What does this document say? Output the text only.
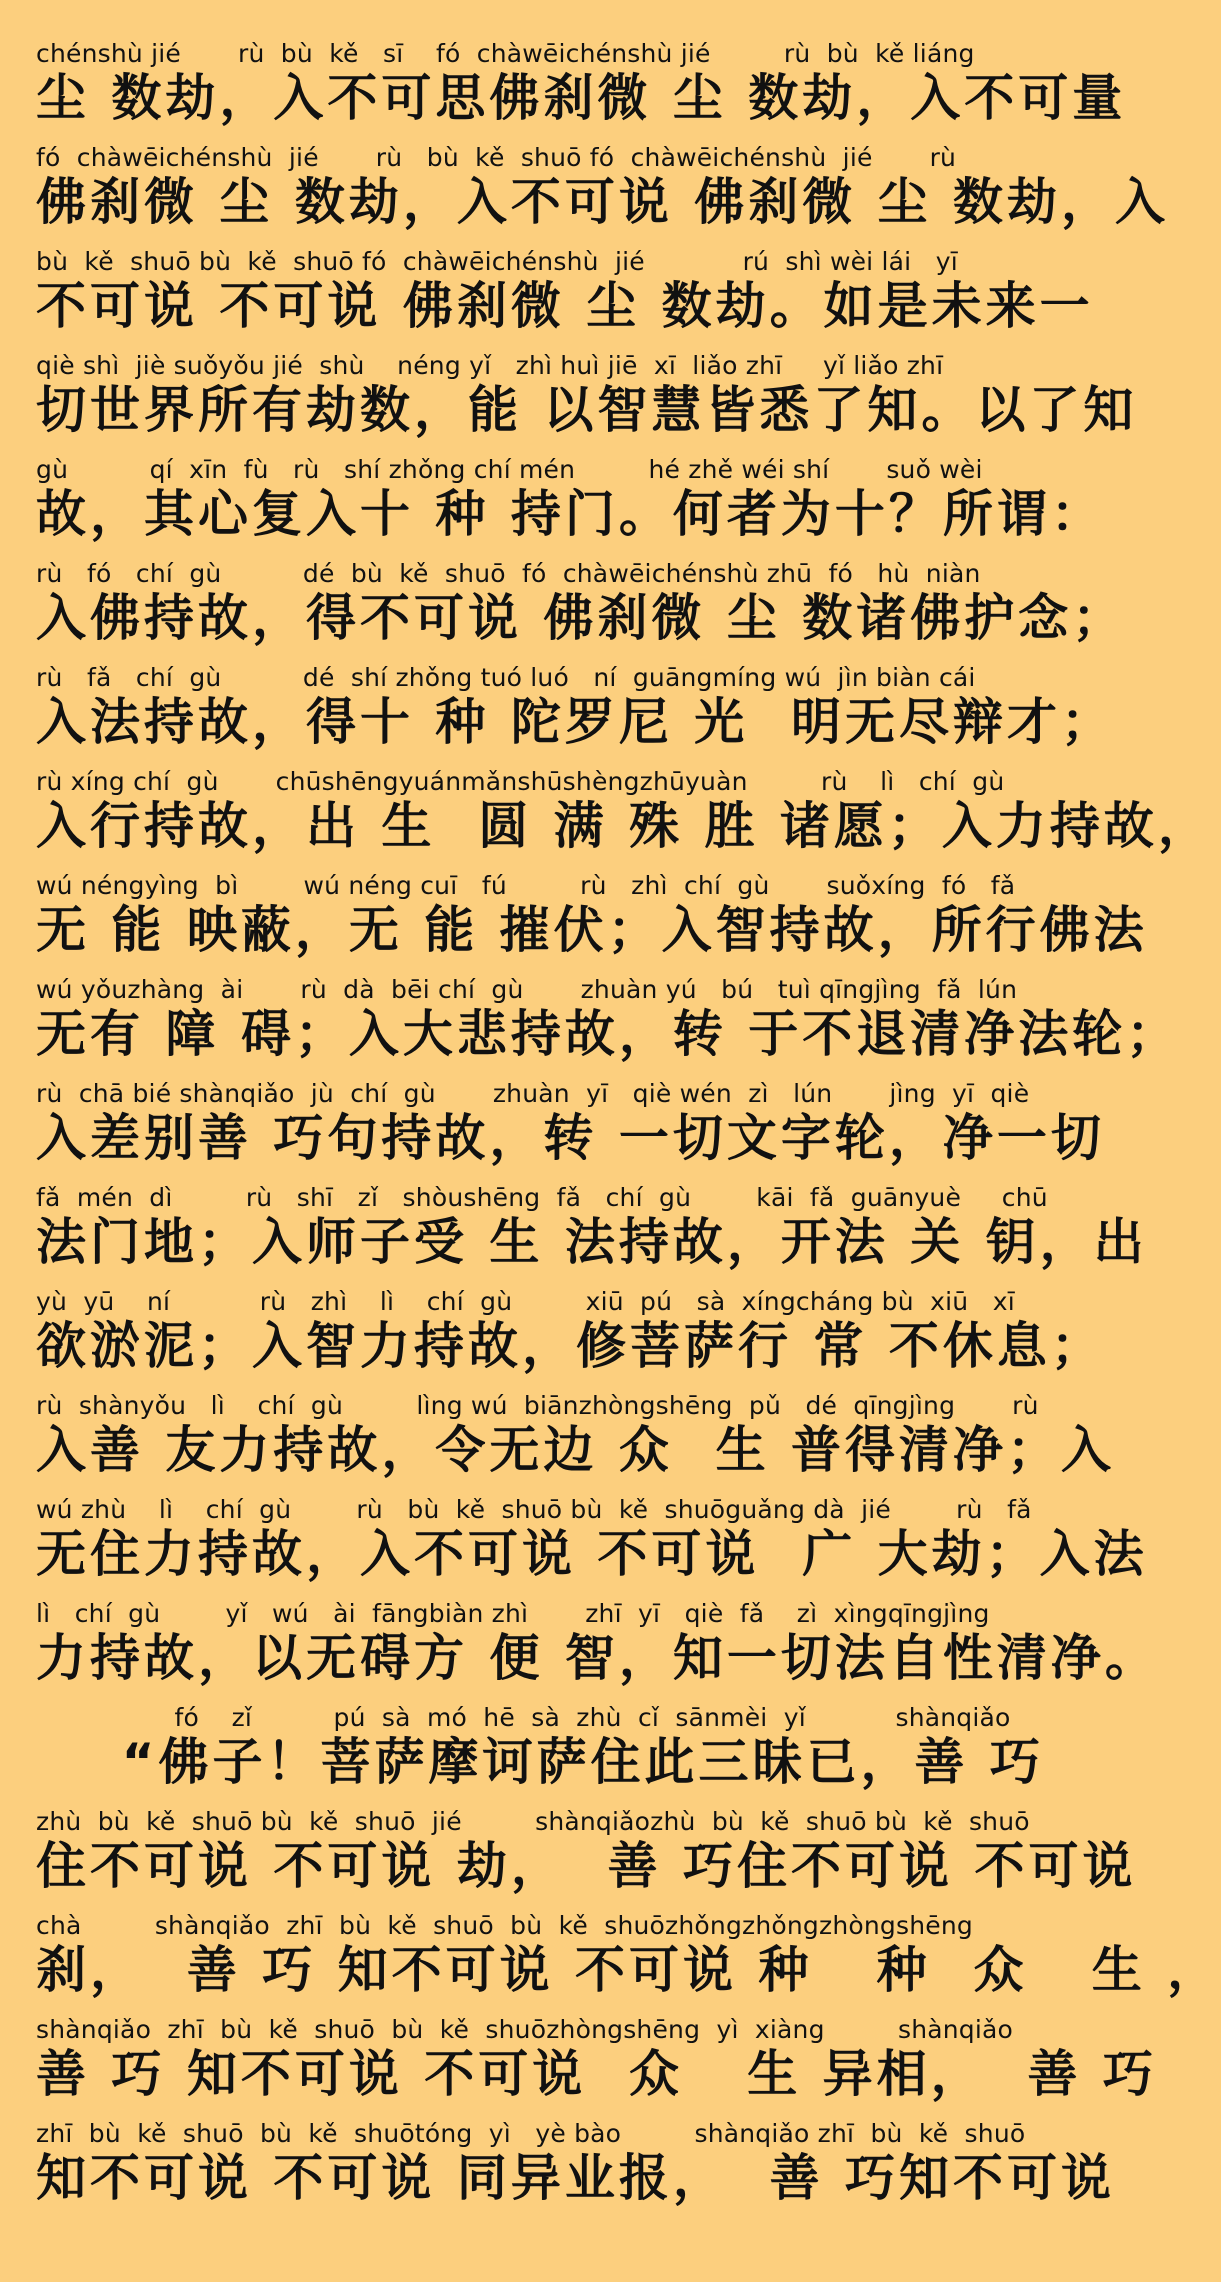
chénshù jié       rù  bù  kě   sī    fó  chàwēichénshù jié         rù  bù  kě liáng
尘 数劫，入不可思佛刹微 尘 数劫，入不可量
fó  chàwēichénshù  jié       rù   bù  kě  shuō fó  chàwēichénshù  jié       rù
佛刹微 尘 数劫，入不可说 佛刹微 尘 数劫，入
bù  kě  shuō bù  kě  shuō fó  chàwēichénshù  jié            rú  shì wèi lái   yī
不可说 不可说 佛刹微 尘 数劫。如是未来一
qiè shì  jiè suǒyǒu jié  shù    néng yǐ   zhì huì jiē  xī  liǎo zhī     yǐ liǎo zhī
切世界所有劫数，能 以智慧皆悉了知。以了知
gù          qí  xīn  fù   rù   shí zhǒng chí mén         hé zhě wéi shí       suǒ wèi
故，其心复入十 种 持门。何者为十？所谓：
rù   fó   chí  gù          dé  bù  kě  shuō  fó  chàwēichénshù zhū  fó   hù  niàn
入佛持故，得不可说 佛刹微 尘 数诸佛护念；
rù   fǎ   chí  gù          dé  shí zhǒng tuó luó   ní  guāngmíng wú  jìn biàn cái
入法持故，得十 种 陀罗尼 光  明无尽辩才；
rù xíng chí  gù       chūshēngyuánmǎnshūshèngzhūyuàn         rù    lì   chí  gù
入行持故，出 生  圆 满 殊 胜 诸愿；入力持故，
wú néngyìng  bì        wú néng cuī   fú         rù   zhì  chí  gù       suǒxíng  fó   fǎ
无 能 映蔽，无 能 摧伏；入智持故，所行佛法
wú yǒuzhàng  ài       rù  dà  bēi chí  gù       zhuàn yú   bú   tuì qīngjìng  fǎ  lún
无有 障 碍；入大悲持故，转 于不退清净法轮；
rù  chā bié shànqiǎo  jù  chí  gù       zhuàn  yī   qiè wén  zì   lún       jìng  yī  qiè
入差别善 巧句持故，转 一切文字轮，净一切
fǎ  mén  dì         rù   shī   zǐ   shòushēng  fǎ   chí  gù        kāi  fǎ  guānyuè     chū
法门地；入师子受 生 法持故，开法 关 钥，出
yù  yū    ní           rù   zhì    lì    chí  gù         xiū  pú   sà  xíngcháng bù  xiū   xī
欲淤泥；入智力持故，修菩萨行 常 不休息；
rù  shànyǒu   lì    chí  gù         lìng wú  biānzhòngshēng  pǔ   dé  qīngjìng       rù
入善 友力持故，令无边 众  生 普得清净；入
wú zhù    lì    chí  gù        rù   bù  kě  shuō bù  kě  shuōguǎng dà  jié        rù   fǎ
无住力持故，入不可说 不可说  广 大劫；入法
lì   chí  gù        yǐ   wú   ài  fāngbiàn zhì       zhī  yī   qiè  fǎ    zì  xìngqīngjìng
力持故，以无碍方 便 智，知一切法自性清净。
fó    zǐ          pú  sà  mó  hē  sà  zhù  cǐ  sānmèi  yǐ           shànqiǎo
“佛子！菩萨摩诃萨住此三昧已，善 巧
zhù  bù  kě  shuō bù  kě  shuō  jié         shànqiǎozhù  bù  kě  shuō bù  kě  shuō
住不可说 不可说 劫，  善 巧住不可说 不可说
chà         shànqiǎo  zhī  bù  kě  shuō  bù  kě  shuōzhǒngzhǒngzhòngshēng
刹，  善 巧 知不可说 不可说 种   种  众   生 ，
shànqiǎo  zhī  bù  kě  shuō  bù  kě  shuōzhòngshēng  yì  xiàng         shànqiǎo
善 巧 知不可说 不可说  众   生 异相，  善 巧
zhī  bù  kě  shuō  bù  kě  shuōtóng  yì   yè bào         shànqiǎo zhī  bù  kě  shuō
知不可说 不可说 同异业报，  善 巧知不可说
